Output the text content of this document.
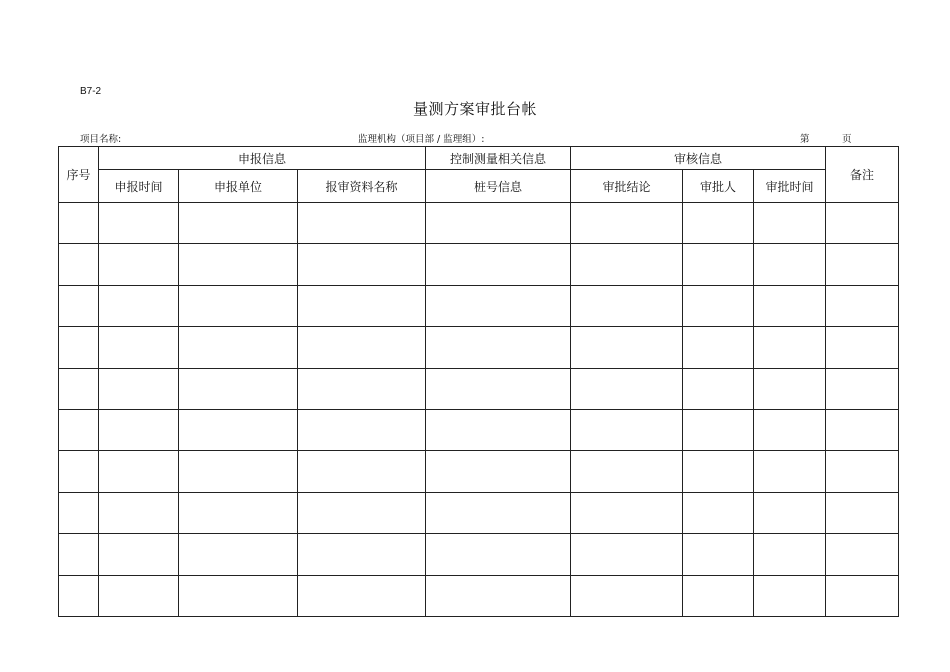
B7-2
量测方案审批台帐
项目名称:	监理机构（项目部 / 监理组）:	第	页
序号	申报信息			控制测量相关信息	审核信息			备注
	申报时间	申报单位	报审资料名称	桩号信息	审批结论	审批人	审批时间	
